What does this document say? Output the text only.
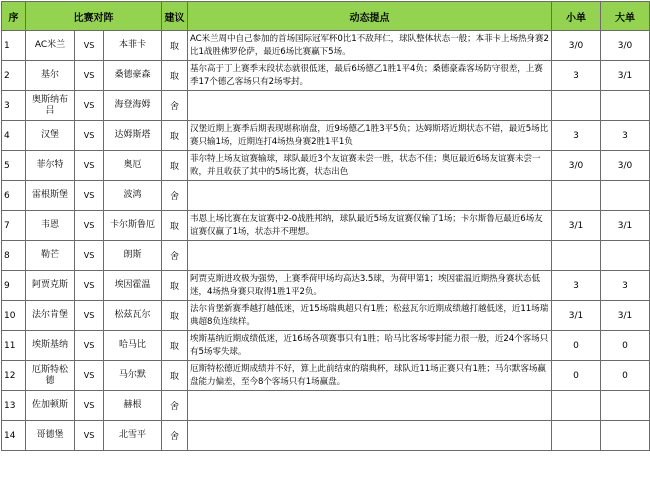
序	比赛对阵			建议	动态提点	小单	大单
1	AC米兰	VS	本菲卡	取	AC米兰周中自己参加的首场国际冠军杯0比1不敌拜仁，球队整体状态一般；本菲卡上场热身赛2比1战胜佛罗伦萨，最近6场比赛赢下5场。	3/0	3/0
2	基尔	VS	桑德豪森	取	基尔高于丁上赛季末段状态就很低迷，最后6场德乙1胜1平4负；桑德豪森客场防守很差，上赛季17个德乙客场只有2场零封。	3	3/1
3	奥斯纳布吕	VS	海登海姆	舍			
4	汉堡	VS	达姆斯塔	取	汉堡近期上赛季后期表现堪称崩盘，近9场德乙1胜3平5负；达姆斯塔近期状态不错，最近5场比赛只输1场，近期连打4场热身赛2胜1平1负	3	3
5	菲尔特	VS	奥厄	取	菲尔特上场友谊赛输球，球队最近3个友谊赛未尝一胜，状态不佳；奥厄最近6场友谊赛未尝一败，并且收获了其中的5场比赛，状态出色	3/0	3/0
6	雷根斯堡	VS	波鸿	舍			
7	韦恩	VS	卡尔斯鲁厄	取	韦恩上场比赛在友谊赛中2-0战胜邦纳，球队最近5场友谊赛仅输了1场；卡尔斯鲁厄最近6场友谊赛仅赢了1场，状态并不理想。	3/1	3/1
8	勒芒	VS	朗斯	舍			
9	阿贾克斯	VS	埃因霍温	取	阿贾克斯进攻极为强势，上赛季荷甲场均高达3.5球，为荷甲第1；埃因霍温近期热身赛状态低迷，4场热身赛只取得1胜1平2负。	3	3
10	法尔肯堡	VS	松兹瓦尔	取	法尔肯堡新赛季越打越低迷，近15场瑞典超只有1胜；松兹瓦尔近期成绩越打越低迷，近11场瑞典超8负连续样。	3/1	3/1
11	埃斯基纳	VS	哈马比	取	埃斯基纳近期成绩低迷，近16场各项赛事只有1胜；哈马比客场零封能力很一般，近24个客场只有5场零失球。	0	0
12	厄斯特松德	VS	马尔默	取	厄斯特松德近期成绩并不好，算上此前结束的瑞典杯，球队近11场正赛只有1胜；马尔默客场赢盘能力偏差，至今8个客场只有1场赢盘。	0	0
13	佐加顿斯	VS	赫根	舍			
14	哥德堡	VS	北雪平	舍			
